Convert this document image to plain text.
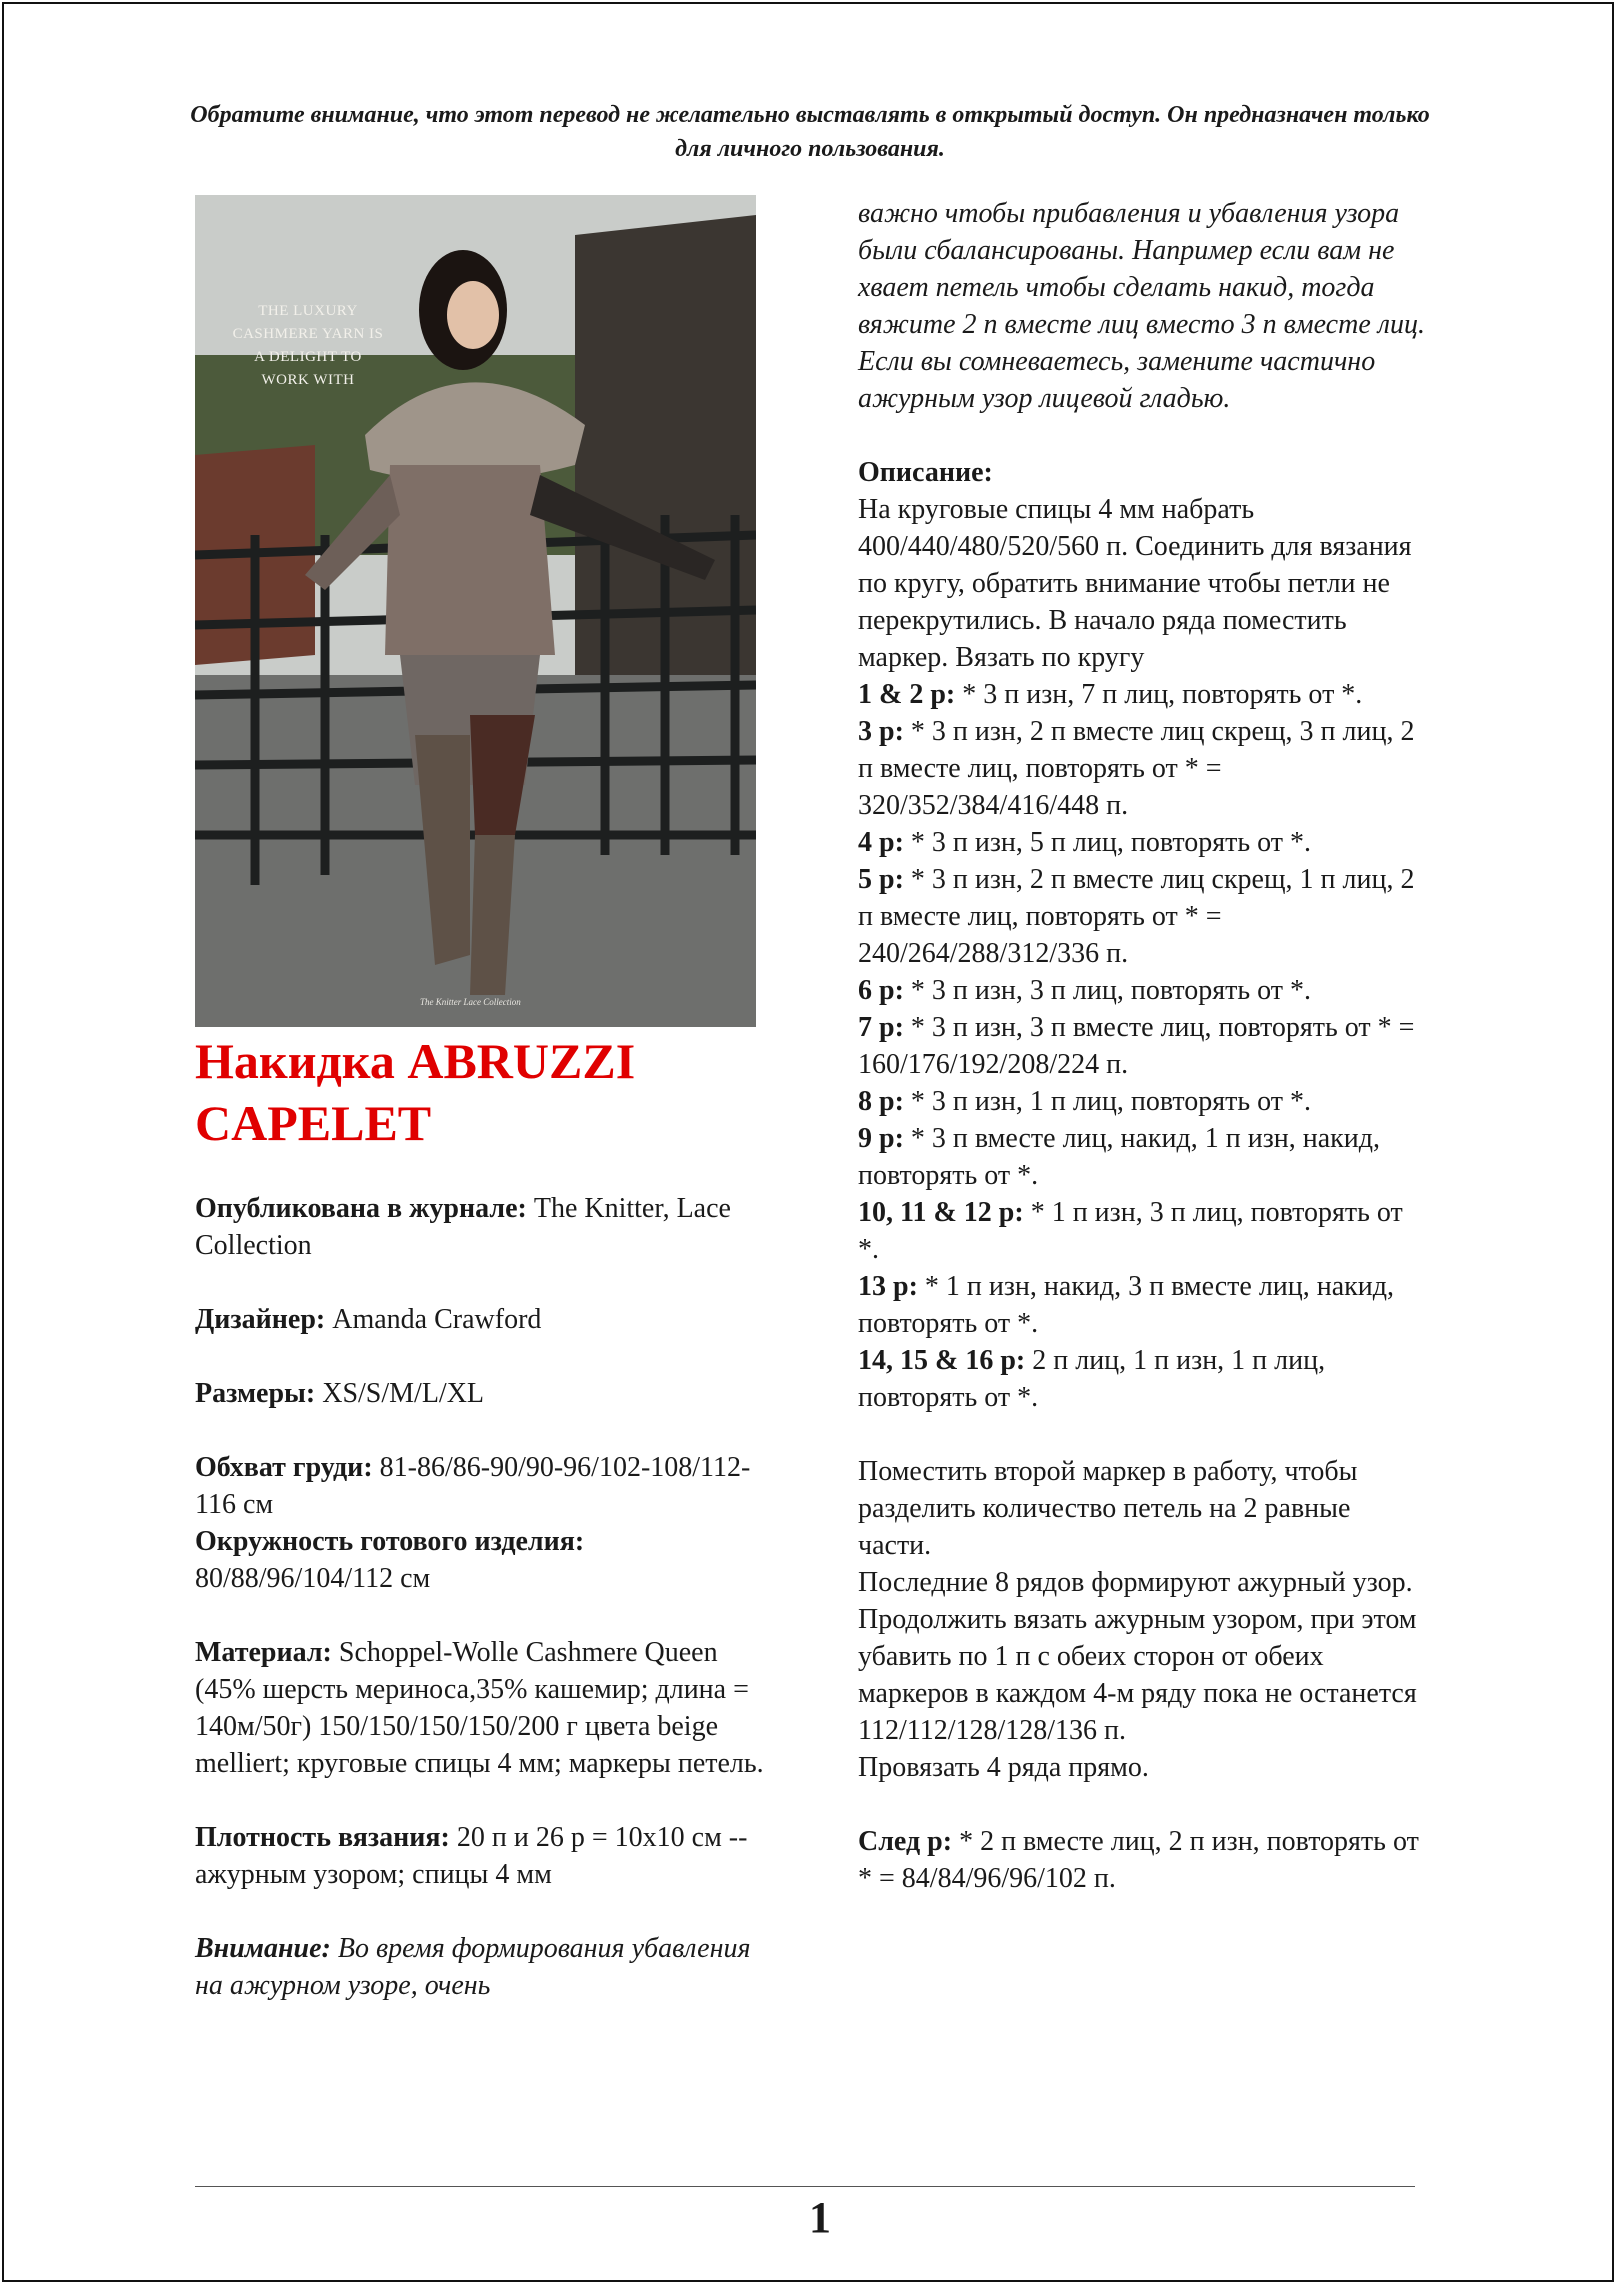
Обратите внимание, что этот перевод не желательно выставлять в открытый доступ. Он предназначен только для личного пользования.
THE LUXURY
CASHMERE YARN IS
A DELIGHT TO
WORK WITH
The Knitter Lace Collection
Накидка ABRUZZI CAPELET

Опубликована в журнале: The Knitter, Lace Collection

Дизайнер: Amanda Crawford

Размеры: XS/S/M/L/XL

Обхват груди: 81-86/86-90/90-96/102-108/112-116 см

Окружность готового изделия:
80/88/96/104/112 см

Материал: Schoppel-Wolle Cashmere Queen (45% шерсть мериноса,35% кашемир; длина = 140м/50г) 150/150/150/150/200 г цвета beige melliert; круговые спицы 4 мм; маркеры петель.

Плотность вязания: 20 п и 26 р = 10х10 см -- ажурным узором; спицы 4 мм

Внимание: Во время формирования убавления на ажурном узоре, очень

важно чтобы прибавления и убавления узора были сбалансированы. Например если вам не хвает петель чтобы сделать накид, тогда вяжите 2 п вместе лиц вместо 3 п вместе лиц. Если вы сомневаетесь, замените частично ажурным узор лицевой гладью.

Описание:

На круговые спицы 4 мм набрать 400/440/480/520/560 п. Соединить для вязания по кругу, обратить внимание чтобы петли не перекрутились. В начало ряда поместить маркер. Вязать по кругу

1 & 2 р: * 3 п изн, 7 п лиц, повторять от *.

3 р: * 3 п изн, 2 п вместе лиц скрещ, 3 п лиц, 2 п вместе лиц, повторять от * = 320/352/384/416/448 п.

4 р: * 3 п изн, 5 п лиц, повторять от *.

5 р: * 3 п изн, 2 п вместе лиц скрещ, 1 п лиц, 2 п вместе лиц, повторять от * = 240/264/288/312/336 п.

6 р: * 3 п изн, 3 п лиц, повторять от *.

7 р: * 3 п изн, 3 п вместе лиц, повторять от * = 160/176/192/208/224 п.

8 р: * 3 п изн, 1 п лиц, повторять от *.

9 р: * 3 п вместе лиц, накид, 1 п изн, накид, повторять от *.

10, 11 & 12 р: * 1 п изн, 3 п лиц, повторять от *.

13 р: * 1 п изн, накид, 3 п вместе лиц, накид, повторять от *.

14, 15 & 16 р: 2 п лиц, 1 п изн, 1 п лиц, повторять от *.

Поместить второй маркер в работу, чтобы разделить количество петель на 2 равные части.

Последние 8 рядов формируют ажурный узор. Продолжить вязать ажурным узором, при этом убавить по 1 п с обеих сторон от обеих маркеров в каждом 4-м ряду пока не останется 112/112/128/128/136 п.

Провязать 4 ряда прямо.

След р: * 2 п вместе лиц, 2 п изн, повторять от * = 84/84/96/96/102 п.

1
